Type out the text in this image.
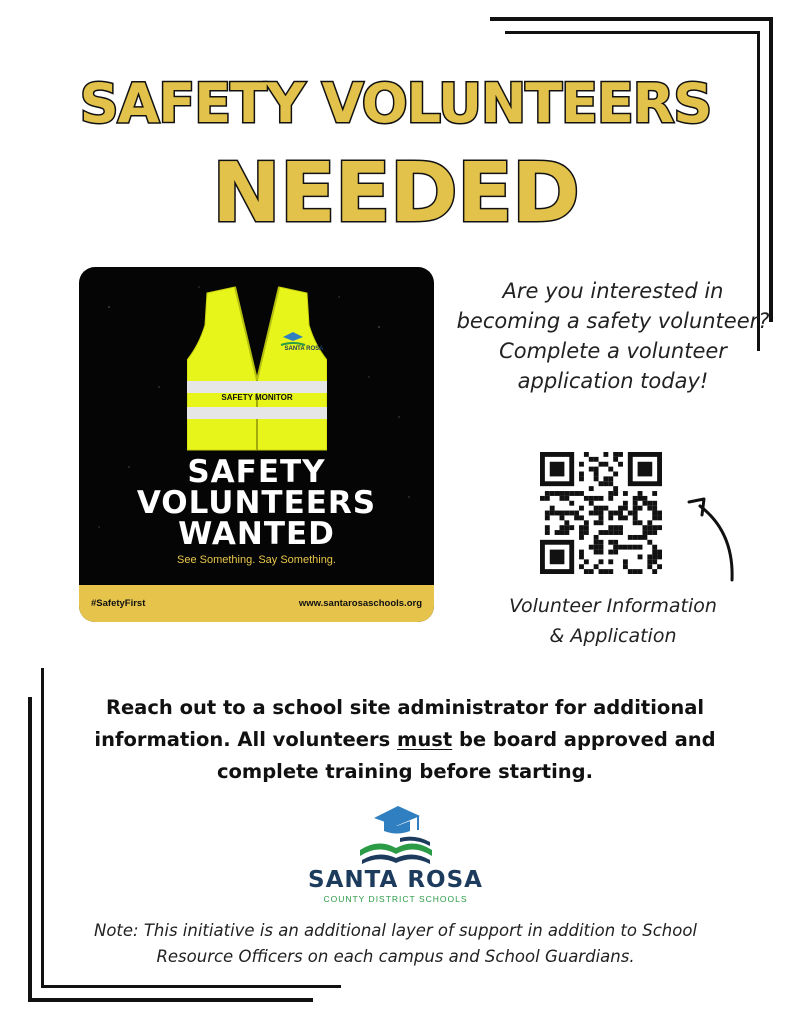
SAFETY VOLUNTEERS
NEEDED
SANTA ROSA
SAFETY MONITOR
SAFETY
VOLUNTEERS
WANTED
See Something. Say Something.
#SafetyFirst	www.santarosaschools.org
Are you interested in becoming a safety volunteer? Complete a volunteer application today!
Volunteer Information
& Application
Reach out to a school site administrator for additional information. All volunteers must be board approved and complete training before starting.
SANTA ROSA
COUNTY DISTRICT SCHOOLS
Note: This initiative is an additional layer of support in addition to School Resource Officers on each campus and School Guardians.
